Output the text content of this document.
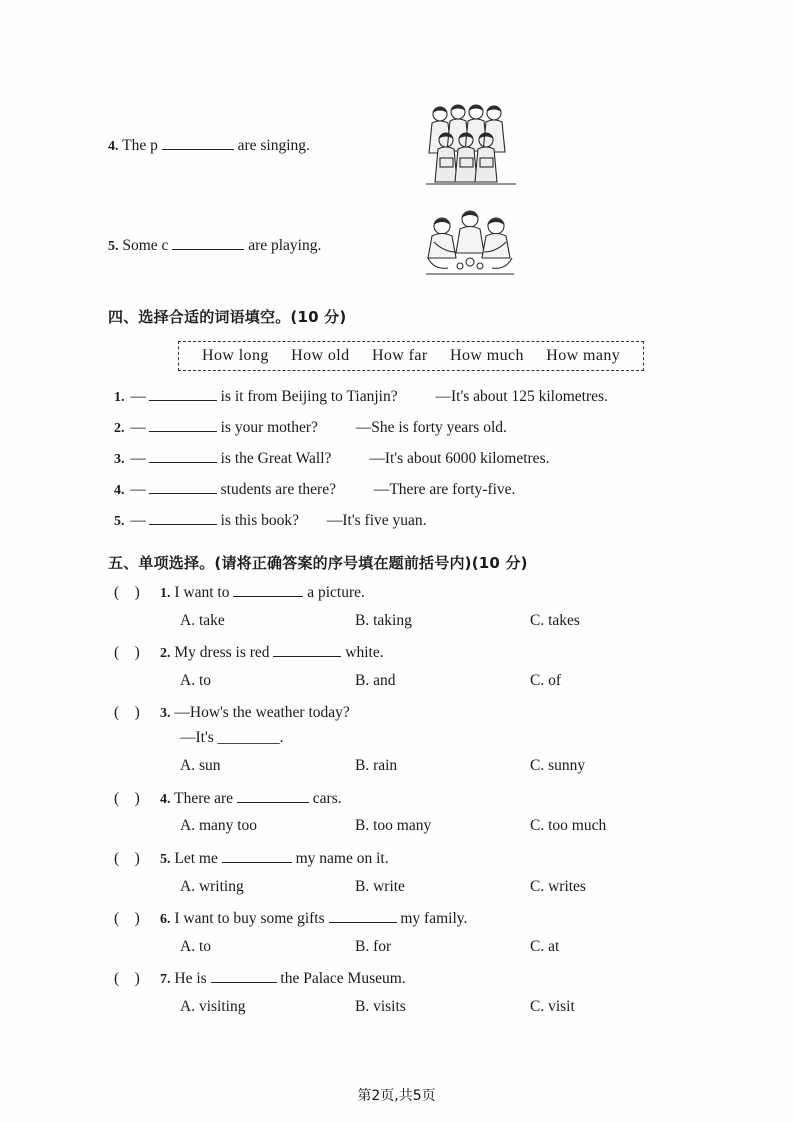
4. The p	are singing.
5. Some c	are playing.
四、选择合适的词语填空。(10 分)
How long How old How far How much How many
1. —	is it from Beijing to Tianjin? —It's about 125 kilometres.
2. —	is your mother? —She is forty years old.
3. —	is the Great Wall? —It's about 6000 kilometres.
4. —	students are there? —There are forty-five.
5. —	is this book? —It's five yuan.
五、单项选择。(请将正确答案的序号填在题前括号内)(10 分)
(    ) 1. I want to	a picture.
A. take	B. taking	C. takes
(    ) 2. My dress is red	white.
A. to	B. and	C. of
(    ) 3. —How's the weather today?
—It's ________.
A. sun	B. rain	C. sunny
(    ) 4. There are	cars.
A. many too	B. too many	C. too much
(    ) 5. Let me	my name on it.
A. writing	B. write	C. writes
(    ) 6. I want to buy some gifts	my family.
A. to	B. for	C. at
(    ) 7. He is	the Palace Museum.
A. visiting	B. visits	C. visit
第2页,共5页
